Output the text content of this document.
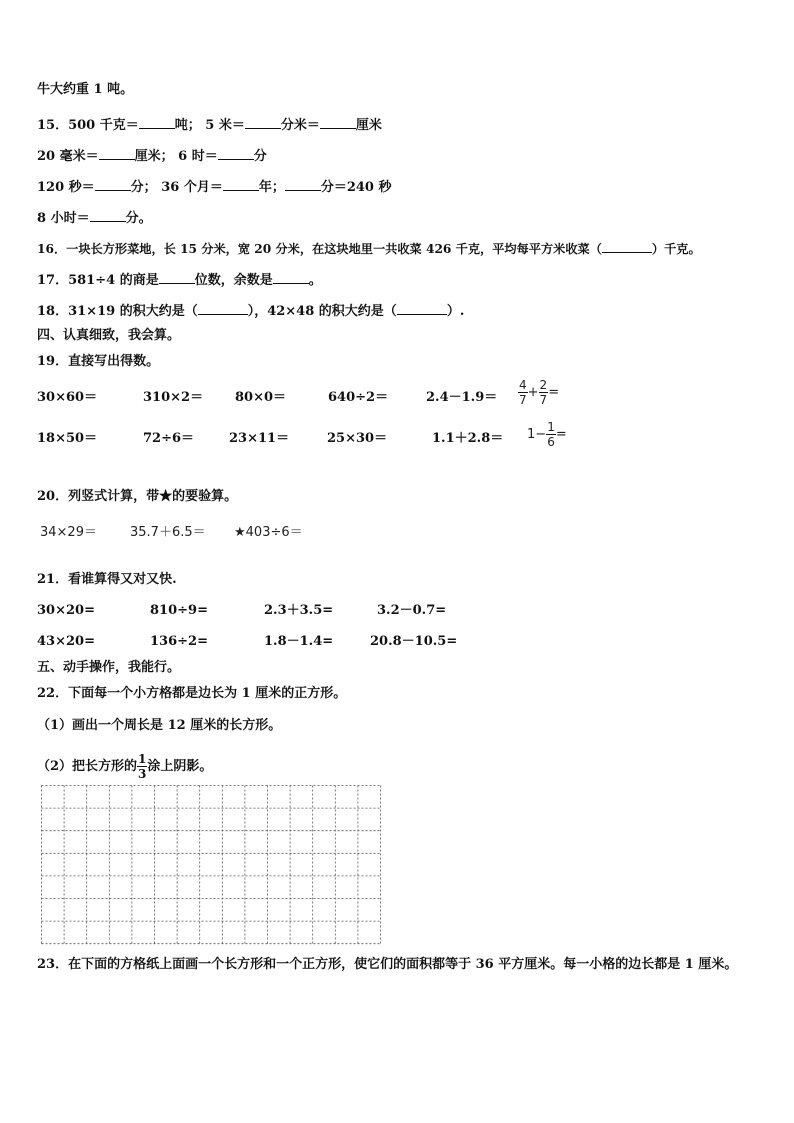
牛大约重 1 吨。
15．500 千克＝	吨； 5 米＝	分米＝	厘米
20 毫米＝	厘米； 6 时＝	分
120 秒＝	分； 36 个月＝	年；	分＝240 秒
8 小时＝	分。
16．一块长方形菜地，长 15 分米，宽 20 分米，在这块地里一共收菜 426 千克，平均每平方米收菜（	）千克。
17．581÷4 的商是	位数，余数是	。
18．31×19 的积大约是（	），42×48 的积大约是（	）.
四、认真细致，我会算。
19．直接写出得数。
30×60＝	310×2＝ 80×0＝	640÷2＝	$2.4-1.9= \frac{4}{7} + \frac{2}{7}$ =
18×50＝	72÷6＝	23×11＝	25×30＝	$1.1+2.8= 1- \frac{1}{6}$ =
20．列竖式计算，带★的要验算。
34×29＝	35.7＋6.5＝ ★403÷6＝
21．看谁算得又对又快.
30×20=	810÷9=	2.3＋3.5=	3.2－0.7=
43×20=	136÷2=	1.8－1.4=	20.8－10.5=
五、动手操作，我能行。
22．下面每一个小方格都是边长为 1 厘米的正方形。
（1）画出一个周长是 12 厘米的长方形。
（2）把长方形的 $\frac{1}{3}$ 涂上阴影。
23．在下面的方格纸上面画一个长方形和一个正方形，使它们的面积都等于 36 平方厘米。每一小格的边长都是 1 厘米。
